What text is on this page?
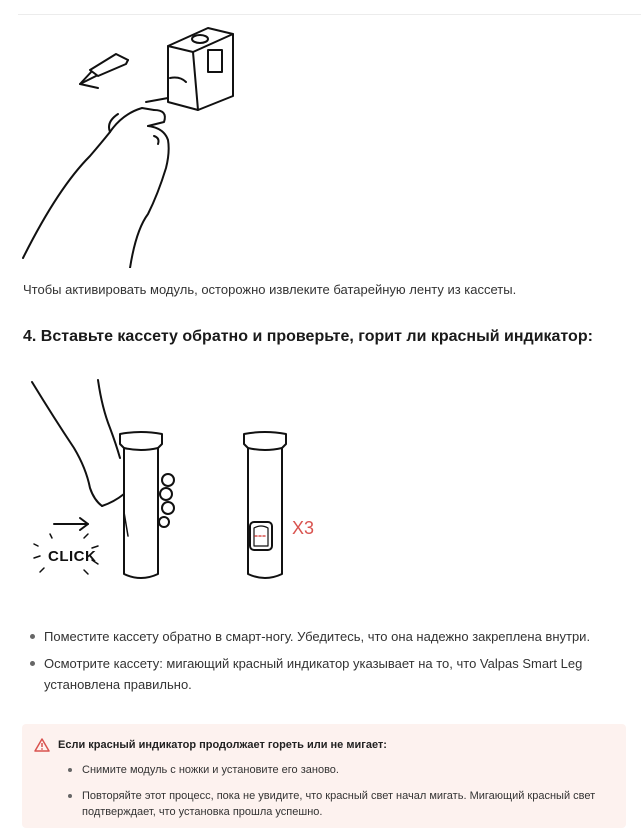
Чтобы активировать модуль, осторожно извлеките батарейную ленту из кассеты.
4. Вставьте кассету обратно и проверьте, горит ли красный индикатор:
CLICK
X3
Поместите кассету обратно в смарт-ногу. Убедитесь, что она надежно закреплена внутри.
Осмотрите кассету: мигающий красный индикатор указывает на то, что Valpas Smart Leg установлена правильно.
Если красный индикатор продолжает гореть или не мигает:
Снимите модуль с ножки и установите его заново.
Повторяйте этот процесс, пока не увидите, что красный свет начал мигать. Мигающий красный свет подтверждает, что установка прошла успешно.
